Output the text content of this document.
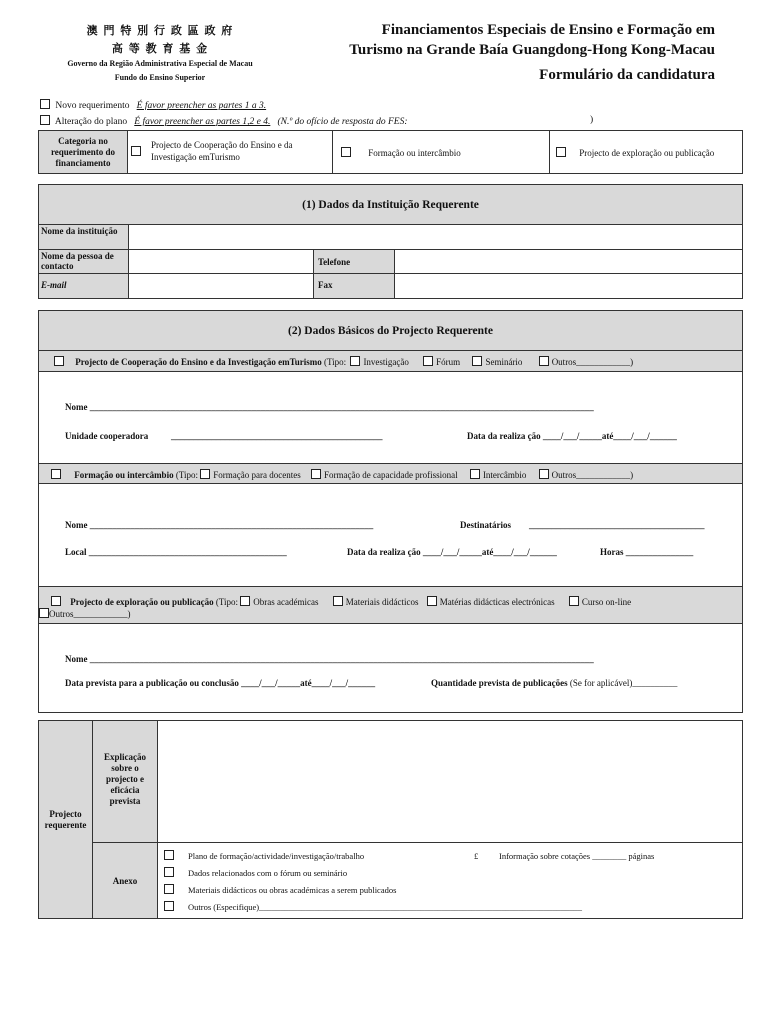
澳 門 特 別 行 政 區 政 府
高 等 教 育 基 金
Governo da Região Administrativa Especial de Macau
Fundo do Ensino Superior
Financiamentos Especiais de Ensino e Formação em
Turismo na Grande Baía Guangdong-Hong Kong-Macau
Formulário da candidatura
Novo requerimento É favor preencher as partes 1 a 3.
Alteração do plano É favor preencher as partes 1,2 e 4. (N.º do ofício de resposta do FES:	)
Categoria no requerimento do financiamento
Projecto de Cooperação do Ensino e da Investigação emTurismo	Formação ou intercâmbio	Projecto de exploração ou publicação
(1) Dados da Instituição Requerente
Nome da instituição
Nome da pessoa de contacto	Telefone
E-mail	Fax
(2) Dados Básicos do Projecto Requerente
Projecto de Cooperação do Ensino e da Investigação emTurismo (Tipo: Investigação	Fórum	Seminário	Outros____________)
Nome ________________________________________________________________________________________________________________
Unidade cooperadora	_______________________________________________	Data da realiza ção ____/___/_____até____/___/______
Formação ou intercâmbio (Tipo: Formação para docentes	Formação de capacidade profissional	Intercâmbio	Outros____________)
Nome _______________________________________________________________	Destinatários _______________________________________
Local ____________________________________________	Data da realiza ção ____/___/_____até____/___/______	Horas _______________
Projecto de exploração ou publicação (Tipo: Obras académicas	Materiais didácticos Matérias didácticas electrónicas	Curso on-line
Outros____________)
Nome ________________________________________________________________________________________________________________
Data prevista para a publicação ou conclusão ____/___/_____até____/___/______	Quantidade prevista de publicações (Se for aplicável)__________
Projecto requerente
Explicação sobre o projecto e eficácia prevista
Anexo
Plano de formação/actividade/investigação/trabalho	£ Informação sobre cotações ________ páginas
Dados relacionados com o fórum ou seminário
Materiais didácticos ou obras académicas a serem publicados
Outros (Especifique)____________________________________________________________________________
